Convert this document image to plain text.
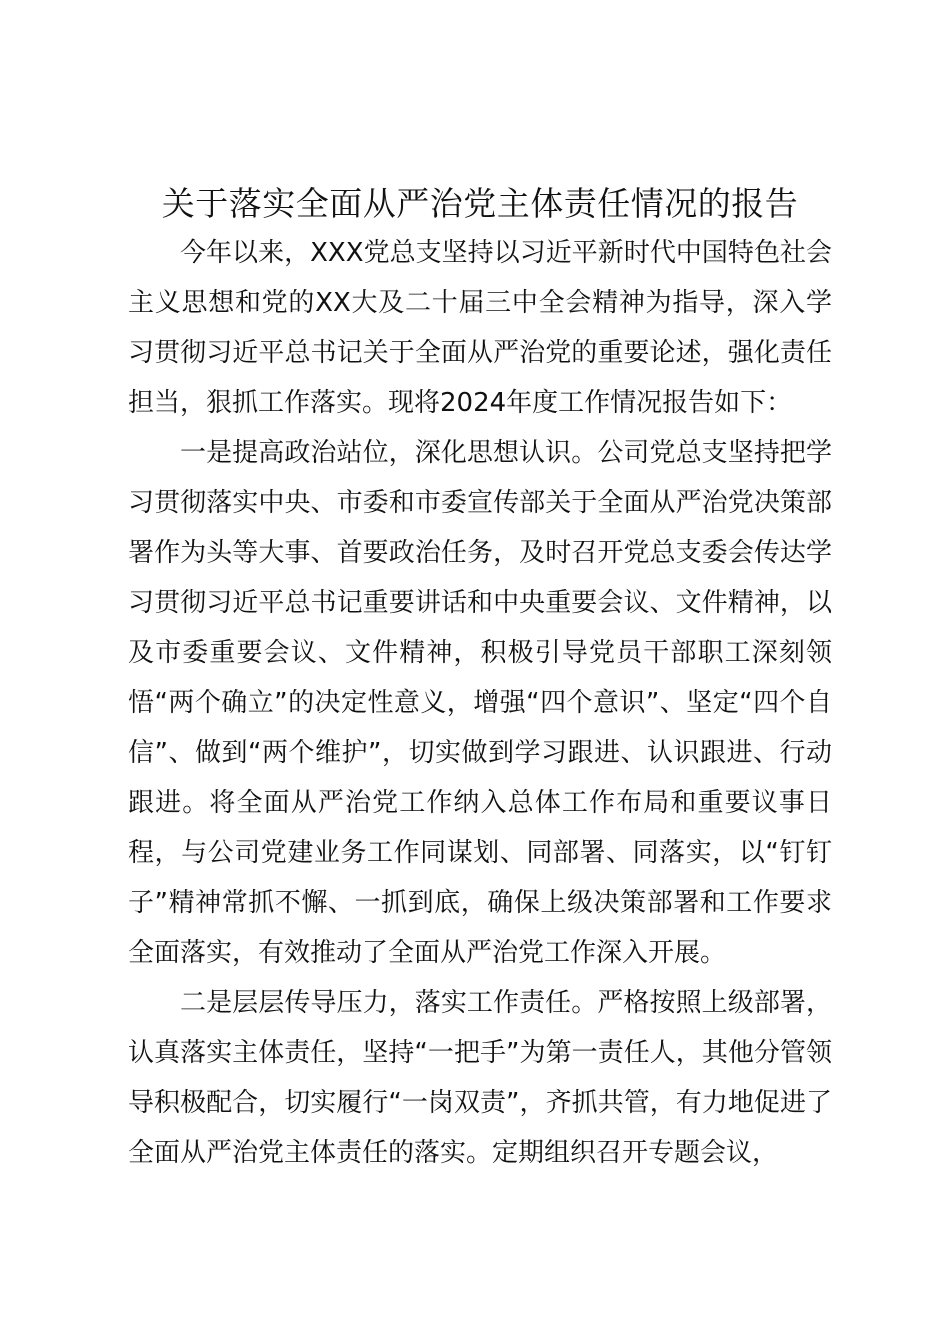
关于落实全面从严治党主体责任情况的报告

今年以来，XXX党总支坚持以习近平新时代中国特色社会主义思想和党的XX大及二十届三中全会精神为指导，深入学习贯彻习近平总书记关于全面从严治党的重要论述，强化责任担当，狠抓工作落实。现将2024年度工作情况报告如下：

一是提高政治站位，深化思想认识。公司党总支坚持把学习贯彻落实中央、市委和市委宣传部关于全面从严治党决策部署作为头等大事、首要政治任务，及时召开党总支委会传达学习贯彻习近平总书记重要讲话和中央重要会议、文件精神，以及市委重要会议、文件精神，积极引导党员干部职工深刻领悟“两个确立”的决定性意义，增强“四个意识”、坚定“四个自信”、做到“两个维护”，切实做到学习跟进、认识跟进、行动跟进。将全面从严治党工作纳入总体工作布局和重要议事日程，与公司党建业务工作同谋划、同部署、同落实，以“钉钉子”精神常抓不懈、一抓到底，确保上级决策部署和工作要求全面落实，有效推动了全面从严治党工作深入开展。

二是层层传导压力，落实工作责任。严格按照上级部署，认真落实主体责任，坚持“一把手”为第一责任人，其他分管领导积极配合，切实履行“一岗双责”，齐抓共管，有力地促进了全面从严治党主体责任的落实。定期组织召开专题会议，
